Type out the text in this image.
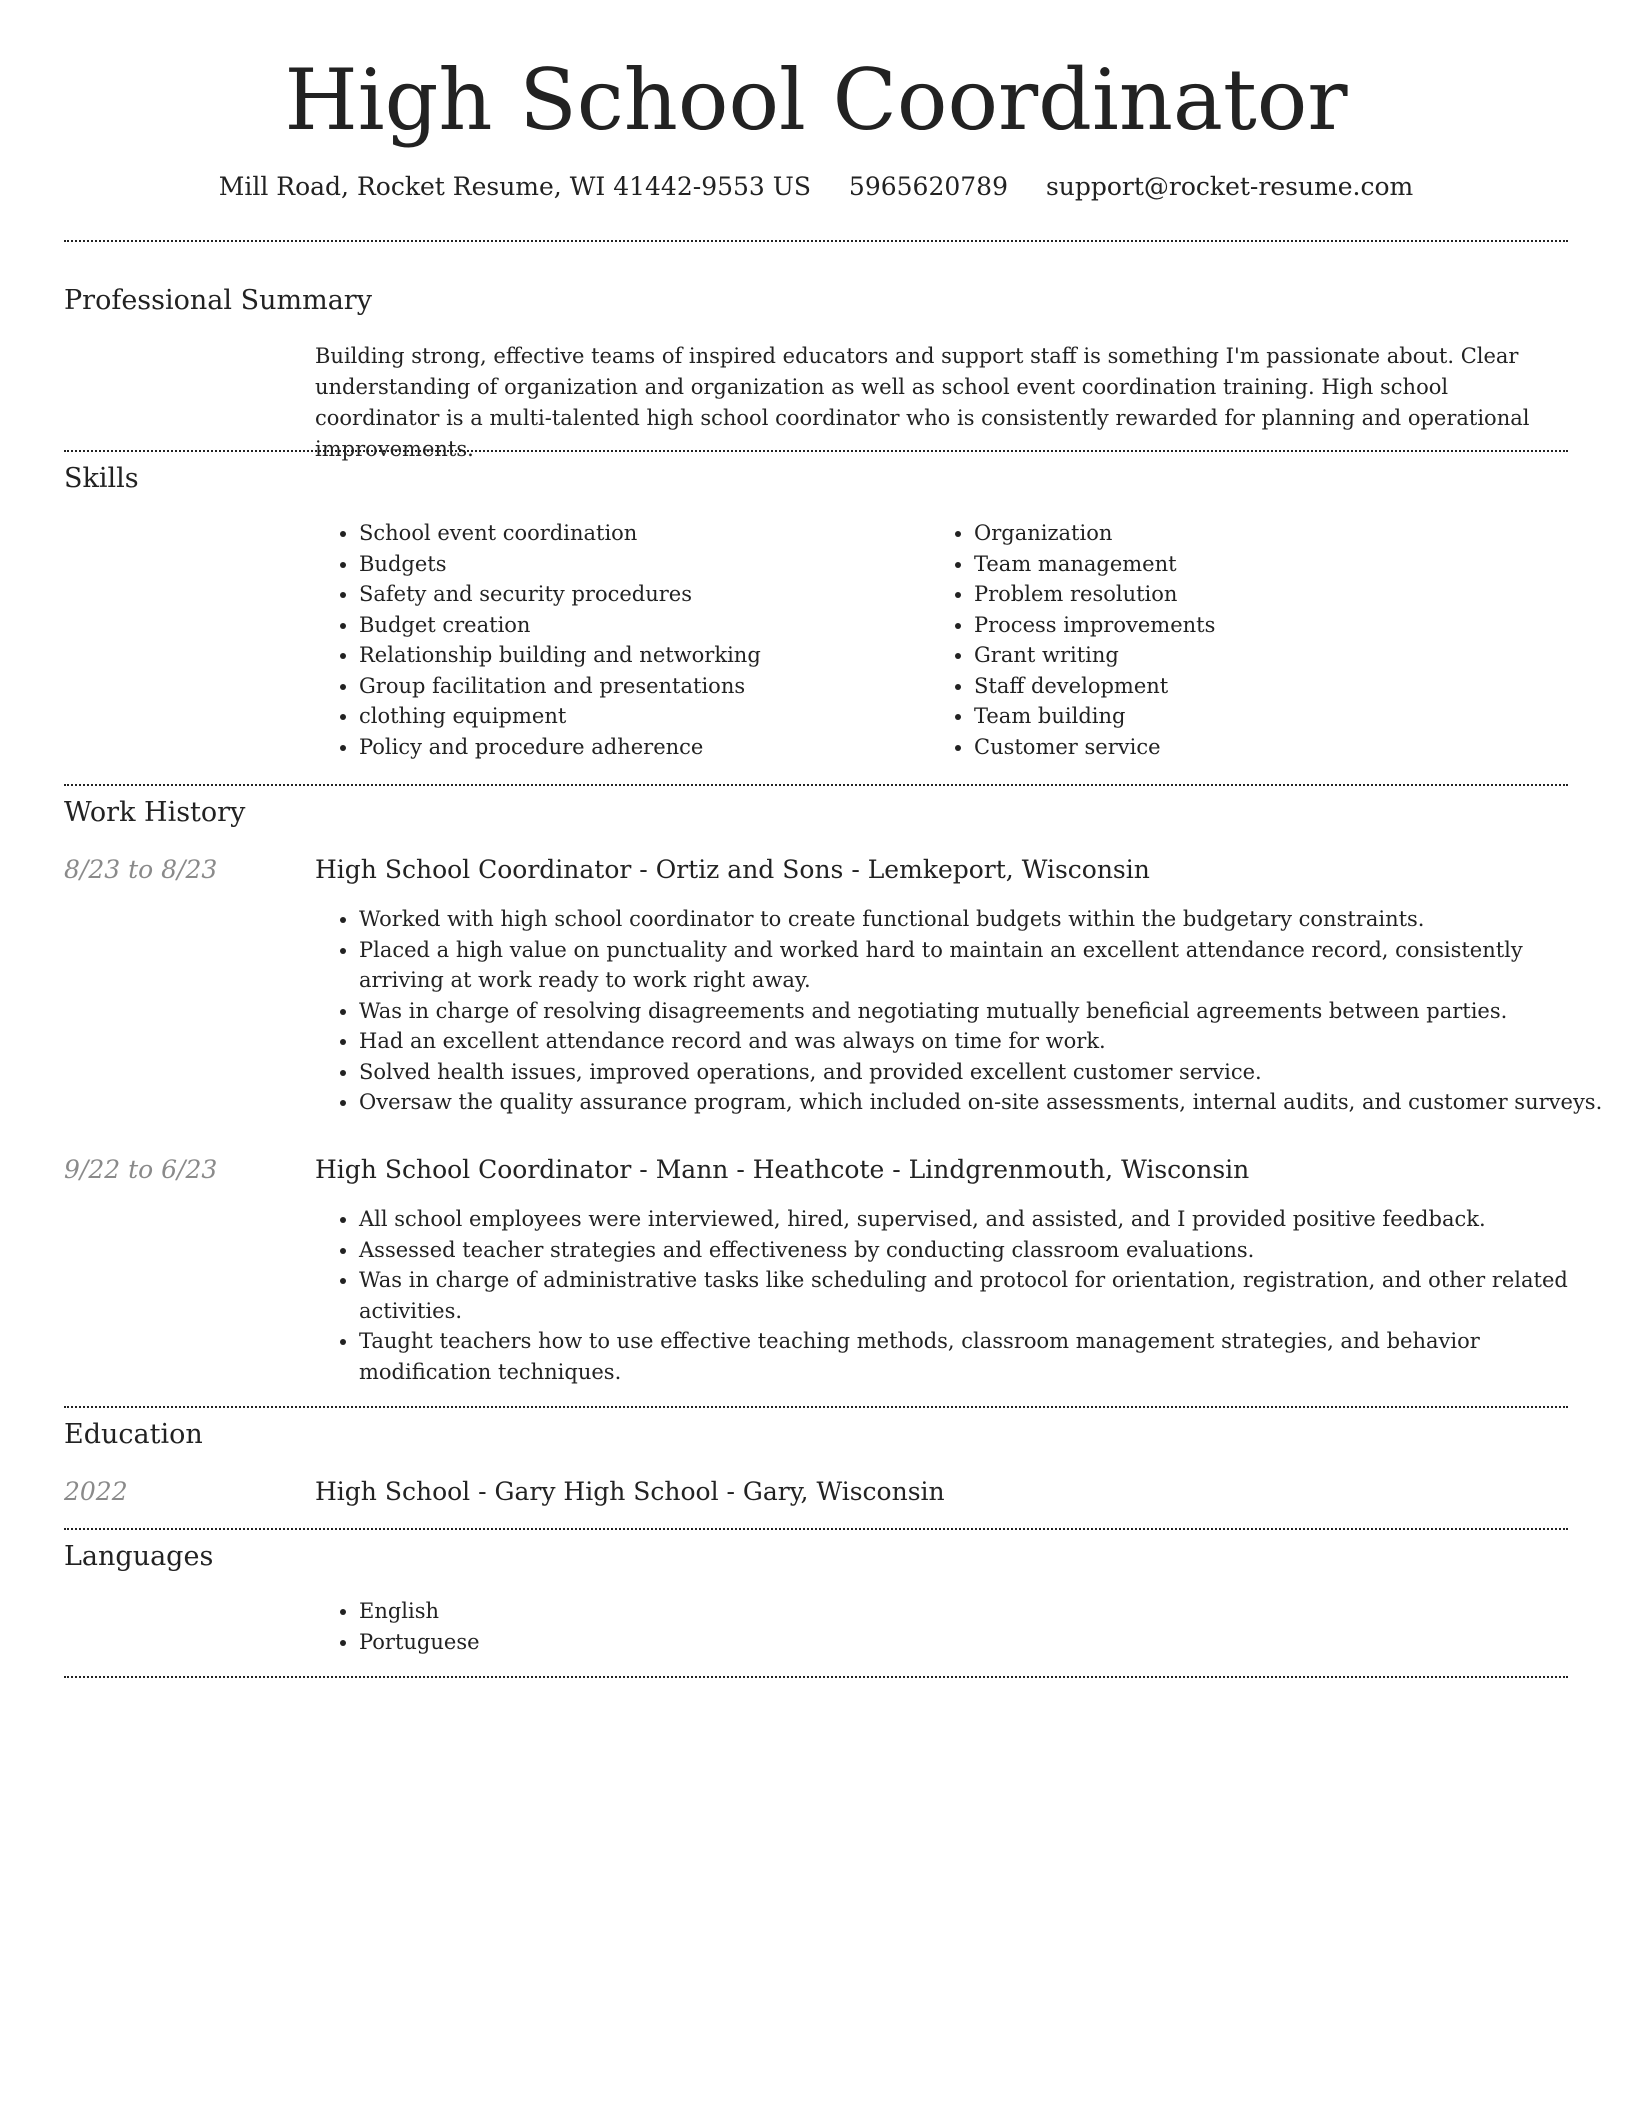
High School Coordinator
Mill Road, Rocket Resume, WI 41442-9553 US 5965620789 support@rocket-resume.com
Professional Summary

Building strong, effective teams of inspired educators and support staff is something I'm passionate about. Clear understanding of organization and organization as well as school event coordination training. High school coordinator is a multi-talented high school coordinator who is consistently rewarded for planning and operational improvements.

Skills
• School event coordination
• Budgets
• Safety and security procedures
• Budget creation
• Relationship building and networking
• Group facilitation and presentations
• clothing equipment
• Policy and procedure adherence
• Organization
• Team management
• Problem resolution
• Process improvements
• Grant writing
• Staff development
• Team building
• Customer service
Work History
8/23 to 8/23	High School Coordinator - Ortiz and Sons - Lemkeport, Wisconsin
• Worked with high school coordinator to create functional budgets within the budgetary constraints.
• Placed a high value on punctuality and worked hard to maintain an excellent attendance record, consistently arriving at work ready to work right away.
• Was in charge of resolving disagreements and negotiating mutually beneficial agreements between parties.
• Had an excellent attendance record and was always on time for work.
• Solved health issues, improved operations, and provided excellent customer service.
• Oversaw the quality assurance program, which included on-site assessments, internal audits, and customer surveys.
9/22 to 6/23	High School Coordinator - Mann - Heathcote - Lindgrenmouth, Wisconsin
• All school employees were interviewed, hired, supervised, and assisted, and I provided positive feedback.
• Assessed teacher strategies and effectiveness by conducting classroom evaluations.
• Was in charge of administrative tasks like scheduling and protocol for orientation, registration, and other related activities.
• Taught teachers how to use effective teaching methods, classroom management strategies, and behavior modification techniques.
Education
2022	High School - Gary High School - Gary, Wisconsin
Languages
• English
• Portuguese
